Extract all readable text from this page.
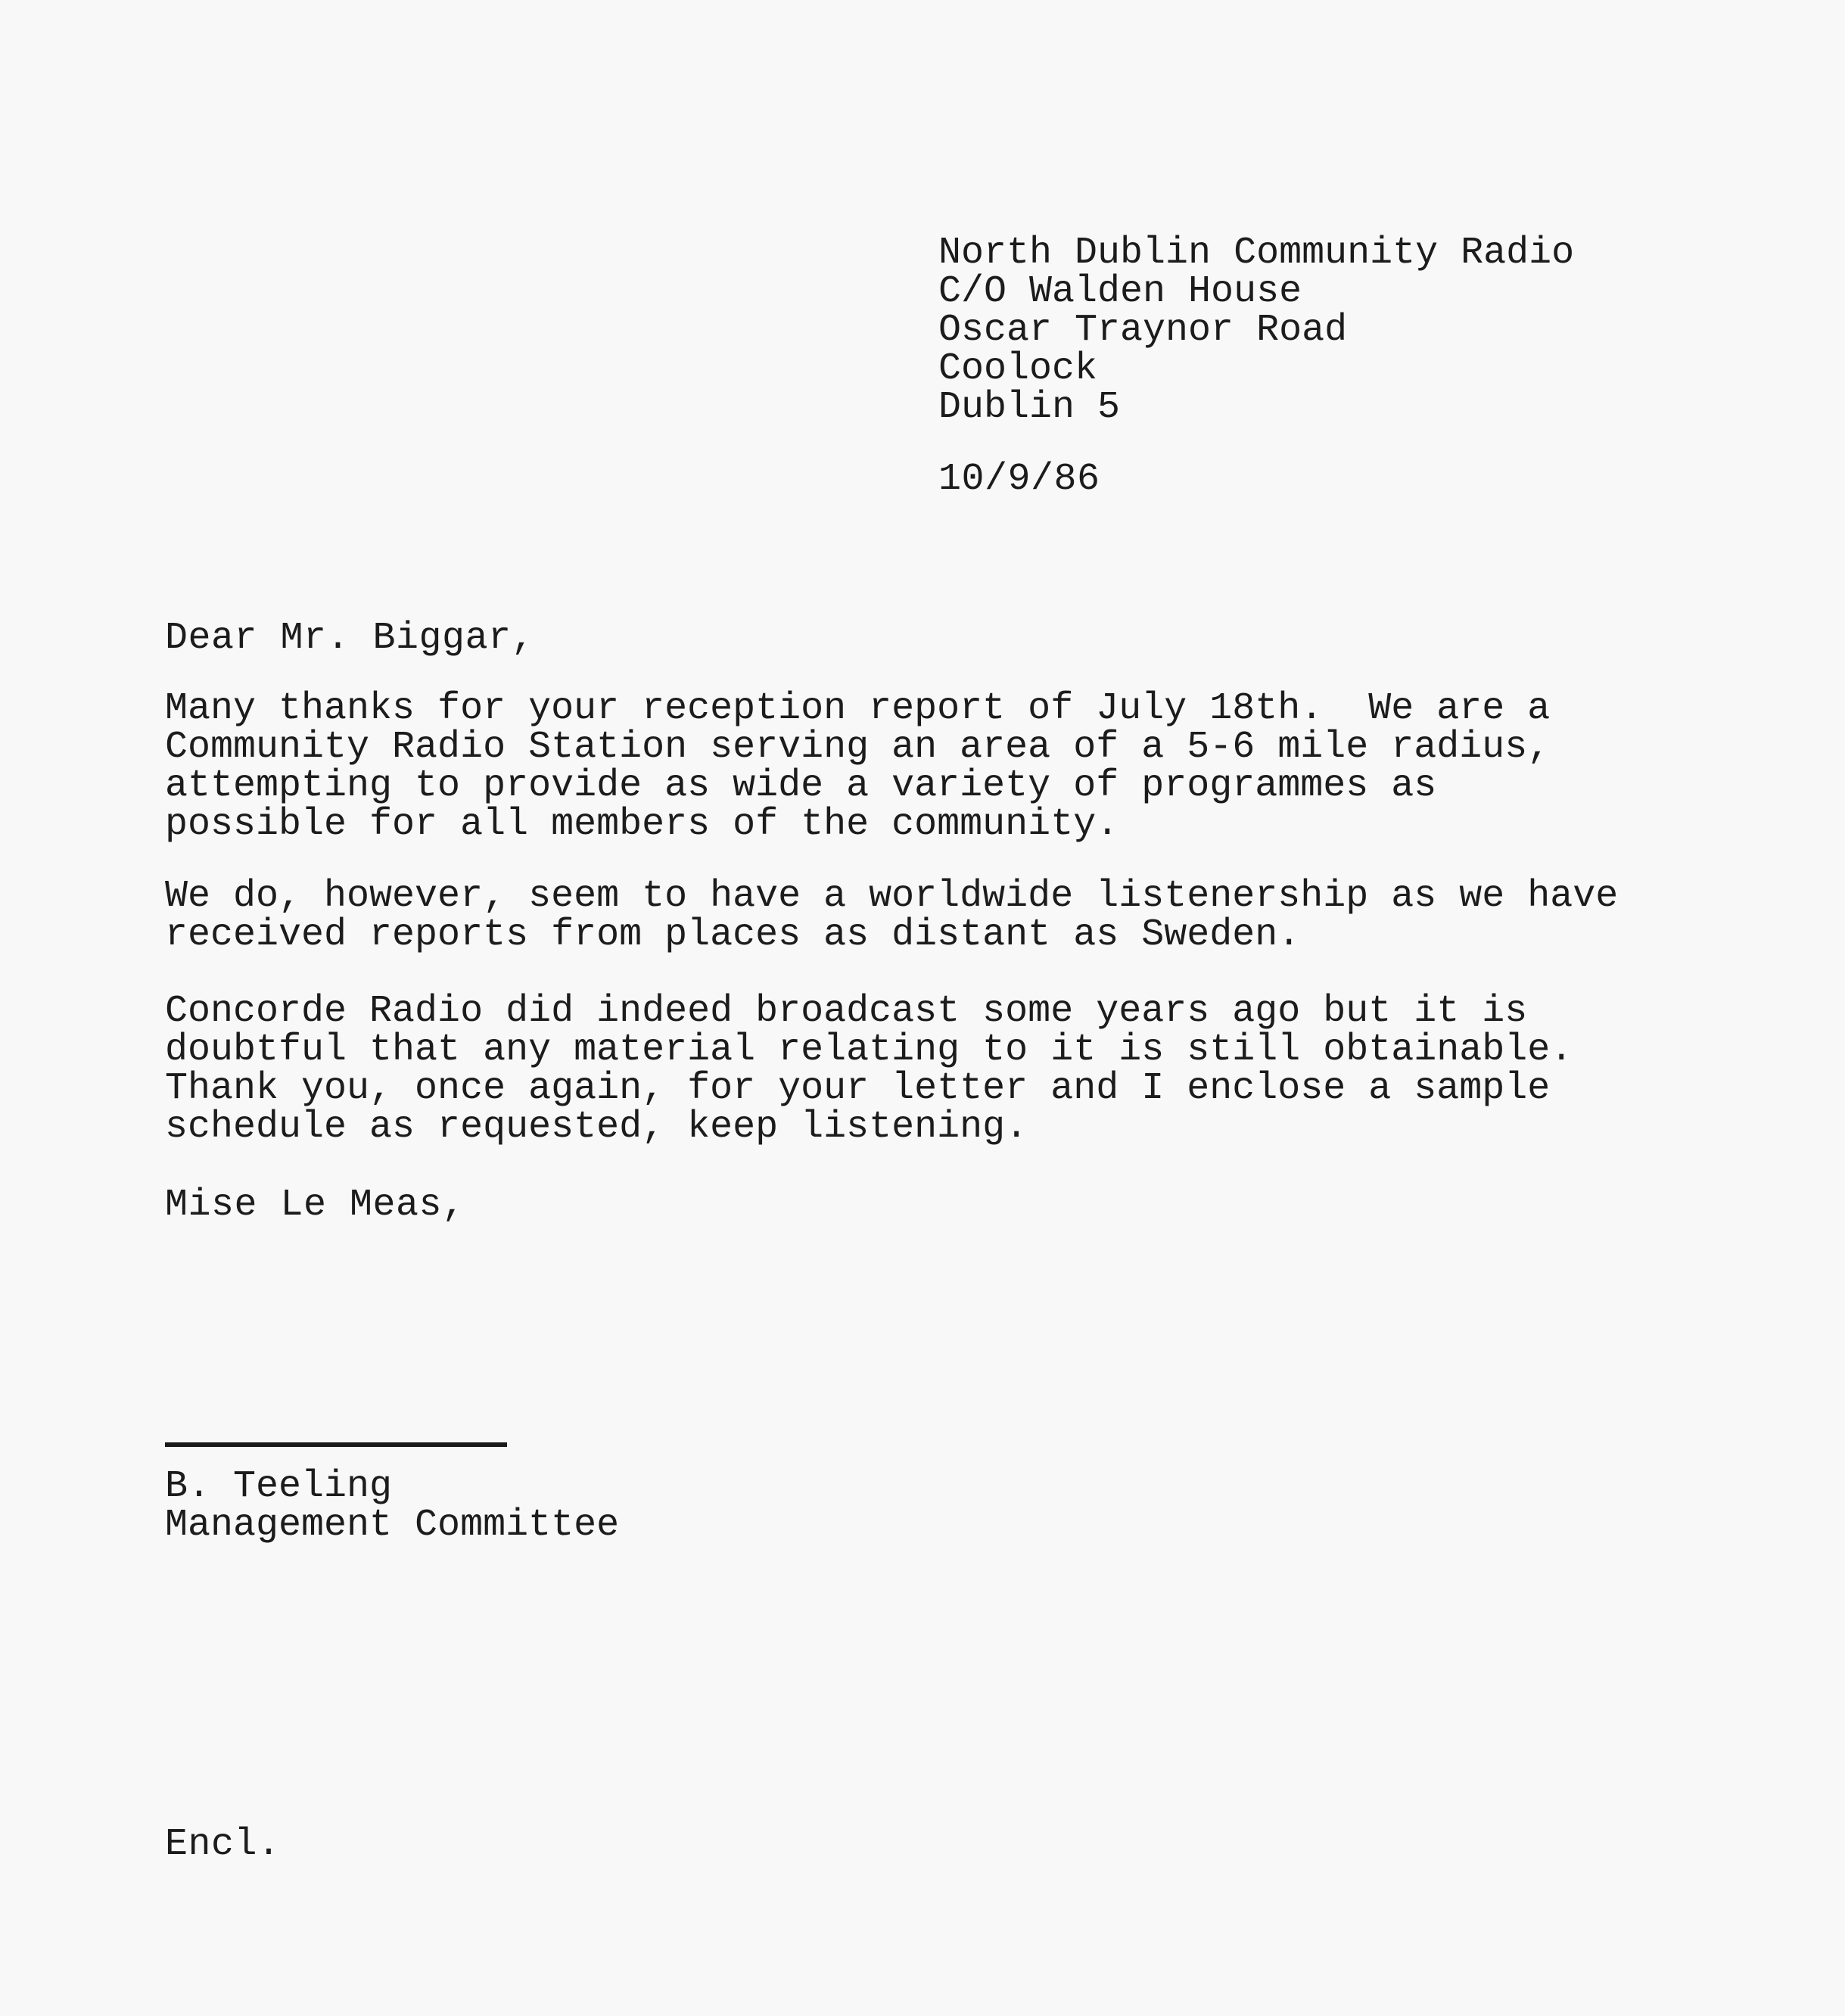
North Dublin Community Radio
C/O Walden House
Oscar Traynor Road
Coolock
Dublin 5
10/9/86
Dear Mr. Biggar,
Many thanks for your reception report of July 18th.  We are a
Community Radio Station serving an area of a 5-6 mile radius,
attempting to provide as wide a variety of programmes as
possible for all members of the community.
We do, however, seem to have a worldwide listenership as we have
received reports from places as distant as Sweden.
Concorde Radio did indeed broadcast some years ago but it is
doubtful that any material relating to it is still obtainable.
Thank you, once again, for your letter and I enclose a sample
schedule as requested, keep listening.
Mise Le Meas,
B. Teeling
Management Committee
Encl.
